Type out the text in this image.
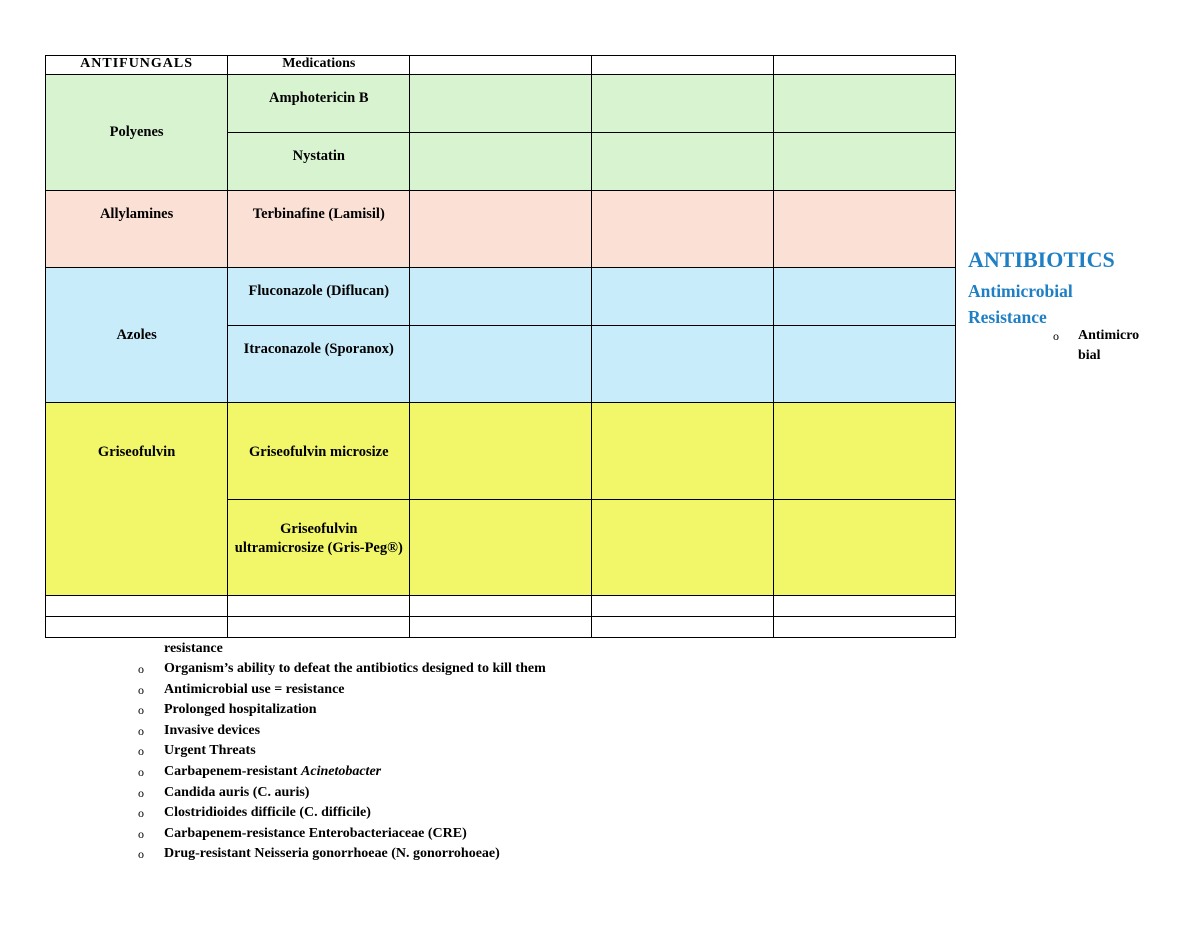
ANTIFUNGALS	Medications			
Polyenes	Amphotericin B			
	Nystatin			
Allylamines	Terbinafine (Lamisil)			
Azoles	Fluconazole (Diflucan)			
	Itraconazole (Sporanox)			
Griseofulvin	Griseofulvin microsize			
	Griseofulvin ultramicrosize (Gris-Peg®)			

ANTIBIOTICS
Antimicrobial Resistance
o Antimicrobial
resistance
o Organism’s ability to defeat the antibiotics designed to kill them
o Antimicrobial use = resistance
o Prolonged hospitalization
o Invasive devices
o Urgent Threats
o Carbapenem-resistant Acinetobacter
o Candida auris (C. auris)
o Clostridioides difficile (C. difficile)
o Carbapenem-resistance Enterobacteriaceae (CRE)
o Drug-resistant Neisseria gonorrhoeae (N. gonorrohoeae)
